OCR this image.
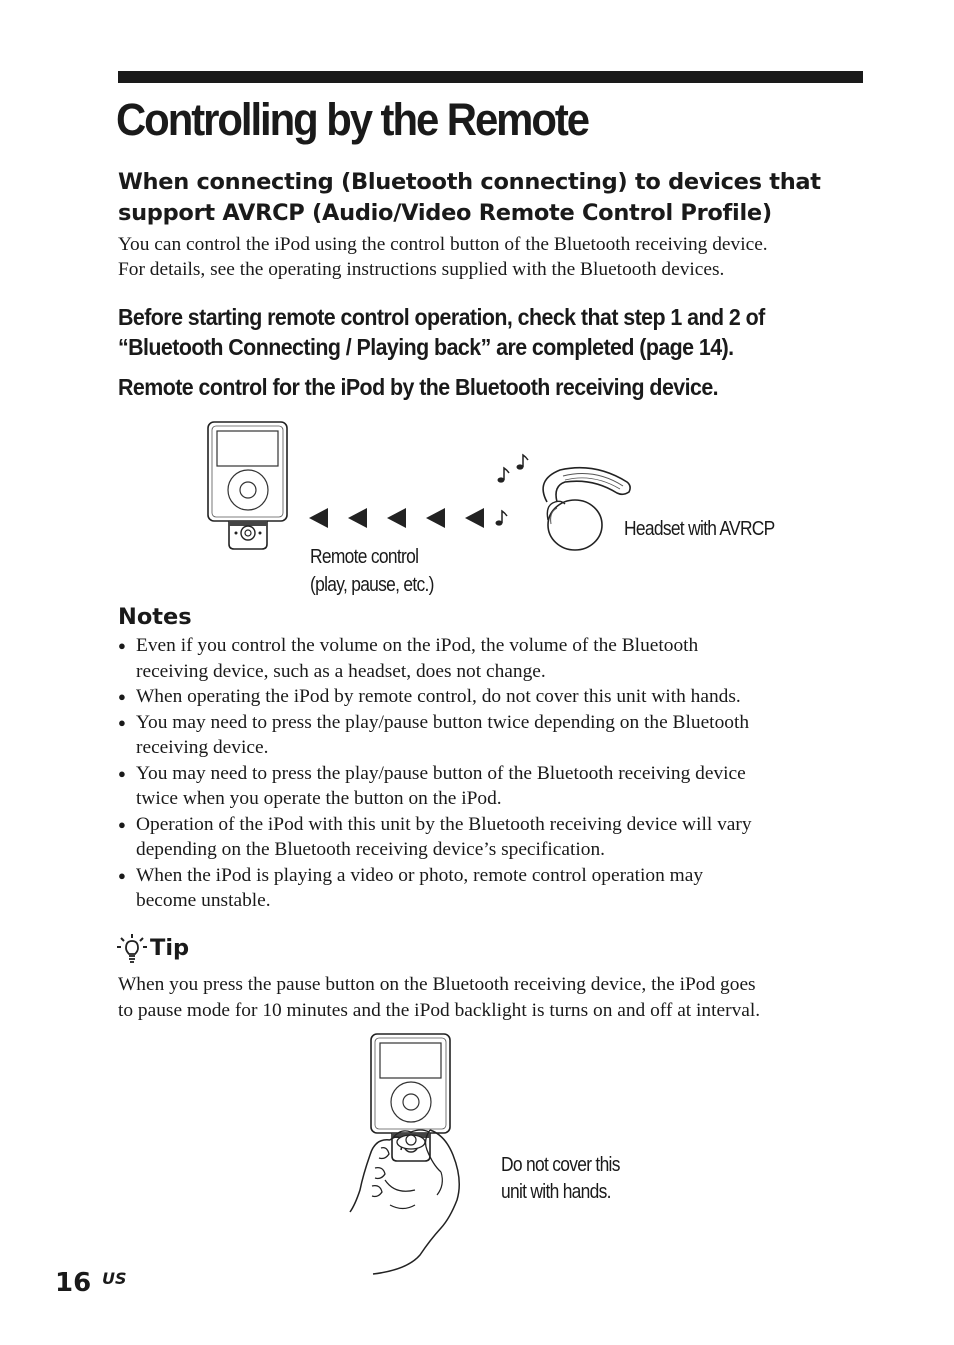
Controlling by the Remote
When connecting (Bluetooth connecting) to devices that support AVRCP (Audio/Video Remote Control Profile)

You can control the iPod using the control button of the Bluetooth receiving device.

For details, see the operating instructions supplied with the Bluetooth devices.

Before starting remote control operation, check that step 1 and 2 of

“Bluetooth Connecting / Playing back” are completed (page 14).

Remote control for the iPod by the Bluetooth receiving device.

Remote control

(play, pause, etc.)

Headset with AVRCP

Notes
● Even if you control the volume on the iPod, the volume of the Bluetooth
receiving device, such as a headset, does not change.
● When operating the iPod by remote control, do not cover this unit with hands.
● You may need to press the play/pause button twice depending on the Bluetooth
receiving device.
● You may need to press the play/pause button of the Bluetooth receiving device
twice when you operate the button on the iPod.
● Operation of the iPod with this unit by the Bluetooth receiving device will vary
depending on the Bluetooth receiving device’s specification.
● When the iPod is playing a video or photo, remote control operation may
become unstable.
Tip

When you press the pause button on the Bluetooth receiving device, the iPod goes

to pause mode for 10 minutes and the iPod backlight is turns on and off at interval.

Do not cover this

unit with hands.

16 US
